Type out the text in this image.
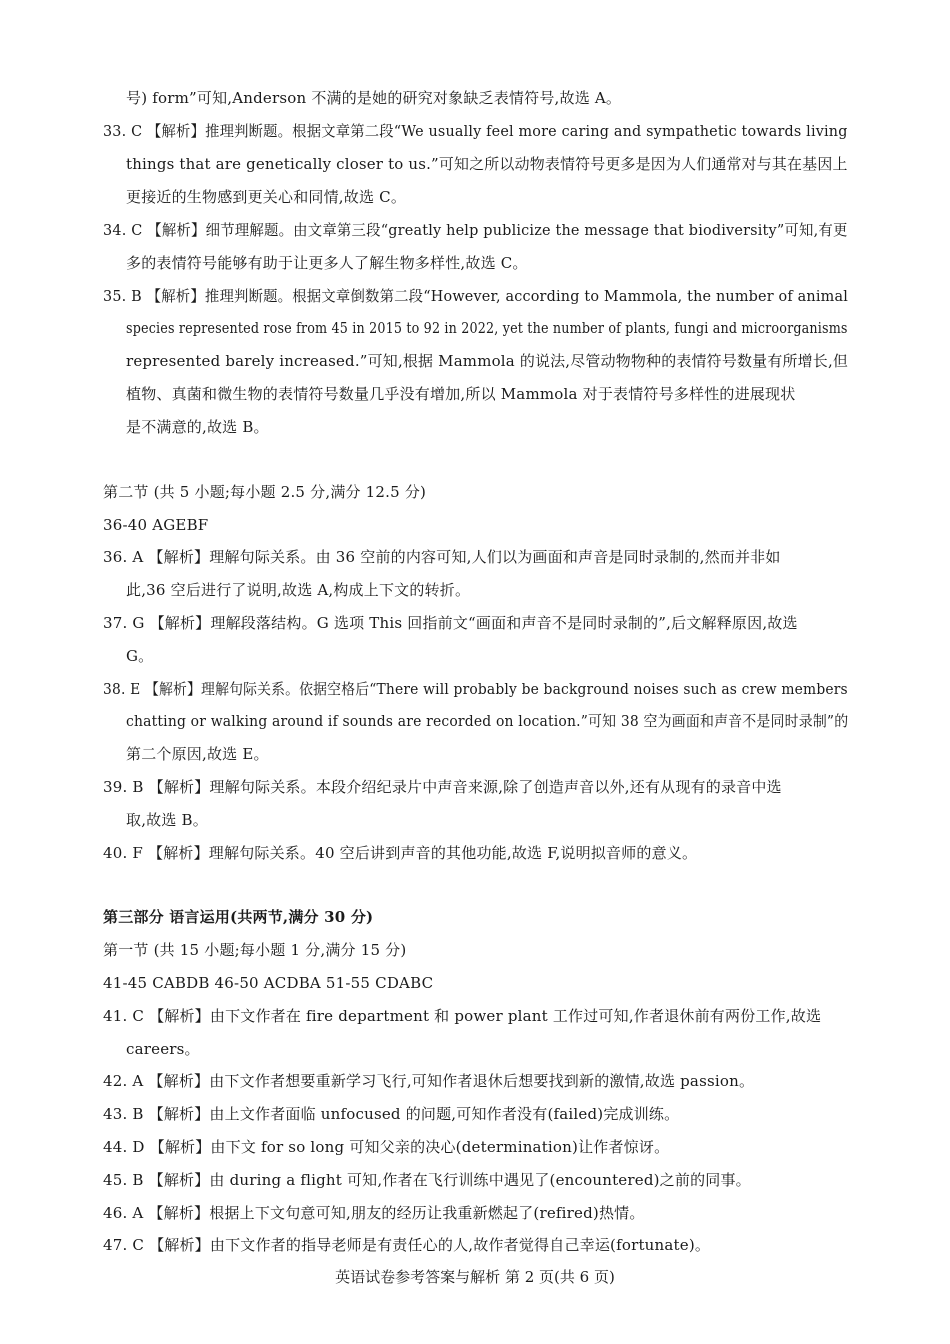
号) form”可知,Anderson 不满的是她的研究对象缺乏表情符号,故选 A。
33. C 【解析】推理判断题。根据文章第二段“We usually feel more caring and sympathetic towards living
things that are genetically closer to us.”可知之所以动物表情符号更多是因为人们通常对与其在基因上
更接近的生物感到更关心和同情,故选 C。
34. C 【解析】细节理解题。由文章第三段“greatly help publicize the message that biodiversity”可知,有更
多的表情符号能够有助于让更多人了解生物多样性,故选 C。
35. B 【解析】推理判断题。根据文章倒数第二段“However, according to Mammola, the number of animal
species represented rose from 45 in 2015 to 92 in 2022, yet the number of plants, fungi and microorganisms
represented barely increased.”可知,根据 Mammola 的说法,尽管动物物种的表情符号数量有所增长,但
植物、真菌和微生物的表情符号数量几乎没有增加,所以 Mammola 对于表情符号多样性的进展现状
是不满意的,故选 B。
第二节 (共 5 小题;每小题 2.5 分,满分 12.5 分)
36-40 AGEBF
36. A 【解析】理解句际关系。由 36 空前的内容可知,人们以为画面和声音是同时录制的,然而并非如
此,36 空后进行了说明,故选 A,构成上下文的转折。
37. G 【解析】理解段落结构。G 选项 This 回指前文“画面和声音不是同时录制的”,后文解释原因,故选
G。
38. E 【解析】理解句际关系。依据空格后“There will probably be background noises such as crew members
chatting or walking around if sounds are recorded on location.”可知 38 空为画面和声音不是同时录制”的
第二个原因,故选 E。
39. B 【解析】理解句际关系。本段介绍纪录片中声音来源,除了创造声音以外,还有从现有的录音中选
取,故选 B。
40. F 【解析】理解句际关系。40 空后讲到声音的其他功能,故选 F,说明拟音师的意义。
第三部分 语言运用(共两节,满分 30 分)
第一节 (共 15 小题;每小题 1 分,满分 15 分)
41-45 CABDB 46-50 ACDBA 51-55 CDABC
41. C 【解析】由下文作者在 fire department 和 power plant 工作过可知,作者退休前有两份工作,故选
careers。
42. A 【解析】由下文作者想要重新学习飞行,可知作者退休后想要找到新的激情,故选 passion。
43. B 【解析】由上文作者面临 unfocused 的问题,可知作者没有(failed)完成训练。
44. D 【解析】由下文 for so long 可知父亲的决心(determination)让作者惊讶。
45. B 【解析】由 during a flight 可知,作者在飞行训练中遇见了(encountered)之前的同事。
46. A 【解析】根据上下文句意可知,朋友的经历让我重新燃起了(refired)热情。
47. C 【解析】由下文作者的指导老师是有责任心的人,故作者觉得自己幸运(fortunate)。
英语试卷参考答案与解析 第 2 页(共 6 页)
